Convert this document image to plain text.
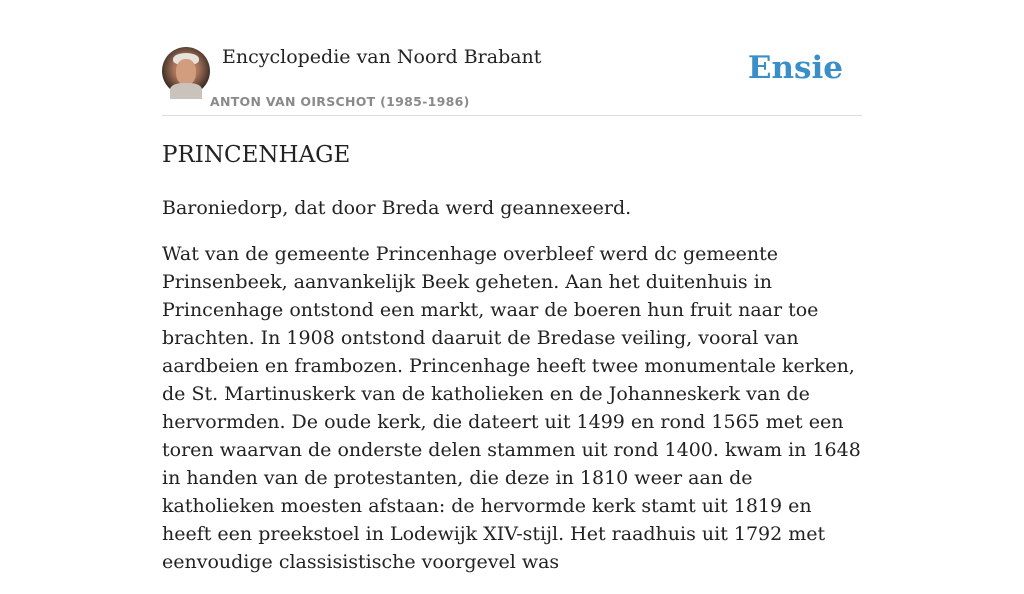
Encyclopedie van Noord Brabant
ANTON VAN OIRSCHOT (1985-1986)
Ensie
PRINCENHAGE

Baroniedorp, dat door Breda werd geannexeerd.

Wat van de gemeente Princenhage overbleef werd dc gemeente Prinsenbeek, aanvankelijk Beek geheten. Aan het duitenhuis in Princenhage ontstond een markt, waar de boeren hun fruit naar toe brachten. In 1908 ontstond daaruit de Bredase veiling, vooral van aardbeien en frambozen. Princenhage heeft twee monumentale kerken, de St. Martinuskerk van de katholieken en de Johanneskerk van de hervormden. De oude kerk, die dateert uit 1499 en rond 1565 met een toren waarvan de onderste delen stammen uit rond 1400. kwam in 1648 in handen van de protestanten, die deze in 1810 weer aan de katholieken moesten afstaan: de hervormde kerk stamt uit 1819 en heeft een preekstoel in Lodewijk XIV-stijl. Het raadhuis uit 1792 met eenvoudige classisistische voorgevel was
